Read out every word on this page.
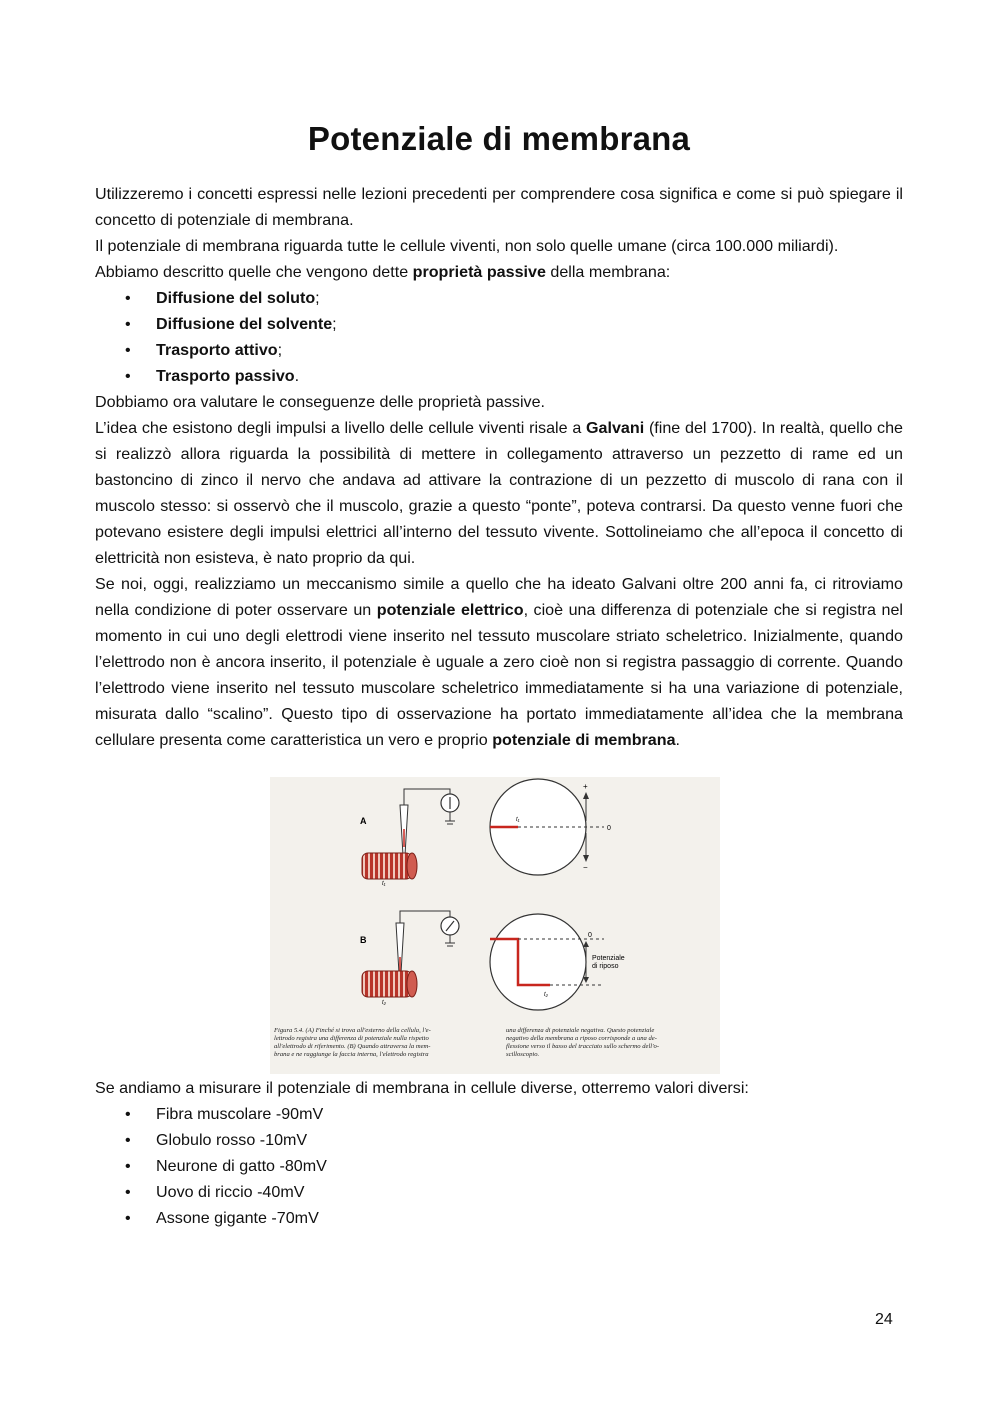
Potenziale di membrana

Utilizzeremo i concetti espressi nelle lezioni precedenti per comprendere cosa significa e come si può spiegare il concetto di potenziale di membrana.

Il potenziale di membrana riguarda tutte le cellule viventi, non solo quelle umane (circa 100.000 miliardi).

Abbiamo descritto quelle che vengono dette proprietà passive della membrana:

• Diffusione del soluto;
• Diffusione del solvente;
• Trasporto attivo;
• Trasporto passivo.

Dobbiamo ora valutare le conseguenze delle proprietà passive.

L’idea che esistono degli impulsi a livello delle cellule viventi risale a Galvani (fine del 1700). In realtà, quello che si realizzò allora riguarda la possibilità di mettere in collegamento attraverso un pezzetto di rame ed un bastoncino di zinco il nervo che andava ad attivare la contrazione di un pezzetto di muscolo di rana con il muscolo stesso: si osservò che il muscolo, grazie a questo “ponte”, poteva contrarsi. Da questo venne fuori che potevano esistere degli impulsi elettrici all’interno del tessuto vivente. Sottolineiamo che all’epoca il concetto di elettricità non esisteva, è nato proprio da qui.

Se noi, oggi, realizziamo un meccanismo simile a quello che ha ideato Galvani oltre 200 anni fa, ci ritroviamo nella condizione di poter osservare un potenziale elettrico, cioè una differenza di potenziale che si registra nel momento in cui uno degli elettrodi viene inserito nel tessuto muscolare striato scheletrico. Inizialmente, quando l’elettrodo non è ancora inserito, il potenziale è uguale a zero cioè non si registra passaggio di corrente. Quando l’elettrodo viene inserito nel tessuto muscolare scheletrico immediatamente si ha una variazione di potenziale, misurata dallo “scalino”. Questo tipo di osservazione ha portato immediatamente all’idea che la membrana cellulare presenta come caratteristica un vero e proprio potenziale di membrana.

A
t₁
0
t₁
+
−
B
t₂
0
Potenziale
di riposo
t₂
Figura 5.4. (A) Finché si trova all'esterno della cellula, l'e-
lettrodo registra una differenza di potenziale nulla rispetto
all'elettrodo di riferimento. (B) Quando attraversa la mem-
brana e ne raggiunge la faccia interna, l'elettrodo registra
una differenza di potenziale negativa. Questo potenziale
negativo della membrana a riposo corrisponde a una de-
flessione verso il basso del tracciato sullo schermo dell'o-
scilloscopio.

Se andiamo a misurare il potenziale di membrana in cellule diverse, otterremo valori diversi:

• Fibra muscolare -90mV
• Globulo rosso -10mV
• Neurone di gatto -80mV
• Uovo di riccio -40mV
• Assone gigante -70mV
24
